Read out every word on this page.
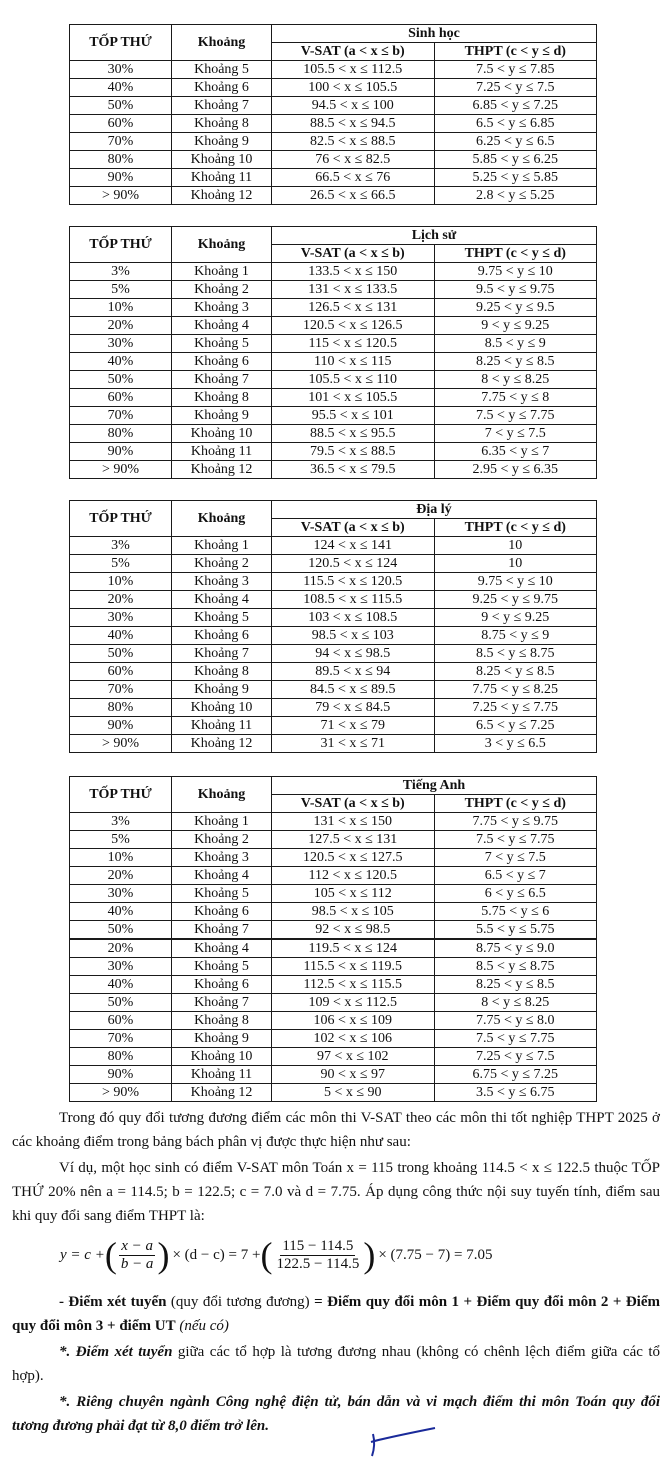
TỐP THỨ	Khoảng	Sinh học	
		V-SAT (a < x ≤ b)	THPT (c < y ≤ d)
30%	Khoảng 5	105.5 < x ≤ 112.5	7.5 < y ≤ 7.85
40%	Khoảng 6	100 < x ≤ 105.5	7.25 < y ≤ 7.5
50%	Khoảng 7	94.5 < x ≤ 100	6.85 < y ≤ 7.25
60%	Khoảng 8	88.5 < x ≤ 94.5	6.5 < y ≤ 6.85
70%	Khoảng 9	82.5 < x ≤ 88.5	6.25 < y ≤ 6.5
80%	Khoảng 10	76 < x ≤ 82.5	5.85 < y ≤ 6.25
90%	Khoảng 11	66.5 < x ≤ 76	5.25 < y ≤ 5.85
> 90%	Khoảng 12	26.5 < x ≤ 66.5	2.8 < y ≤ 5.25
TỐP THỨ	Khoảng	Lịch sử	
		V-SAT (a < x ≤ b)	THPT (c < y ≤ d)
3%	Khoảng 1	133.5 < x ≤ 150	9.75 < y ≤ 10
5%	Khoảng 2	131 < x ≤ 133.5	9.5 < y ≤ 9.75
10%	Khoảng 3	126.5 < x ≤ 131	9.25 < y ≤ 9.5
20%	Khoảng 4	120.5 < x ≤ 126.5	9 < y ≤ 9.25
30%	Khoảng 5	115 < x ≤ 120.5	8.5 < y ≤ 9
40%	Khoảng 6	110 < x ≤ 115	8.25 < y ≤ 8.5
50%	Khoảng 7	105.5 < x ≤ 110	8 < y ≤ 8.25
60%	Khoảng 8	101 < x ≤ 105.5	7.75 < y ≤ 8
70%	Khoảng 9	95.5 < x ≤ 101	7.5 < y ≤ 7.75
80%	Khoảng 10	88.5 < x ≤ 95.5	7 < y ≤ 7.5
90%	Khoảng 11	79.5 < x ≤ 88.5	6.35 < y ≤ 7
> 90%	Khoảng 12	36.5 < x ≤ 79.5	2.95 < y ≤ 6.35
TỐP THỨ	Khoảng	Địa lý	
		V-SAT (a < x ≤ b)	THPT (c < y ≤ d)
3%	Khoảng 1	124 < x ≤ 141	10
5%	Khoảng 2	120.5 < x ≤ 124	10
10%	Khoảng 3	115.5 < x ≤ 120.5	9.75 < y ≤ 10
20%	Khoảng 4	108.5 < x ≤ 115.5	9.25 < y ≤ 9.75
30%	Khoảng 5	103 < x ≤ 108.5	9 < y ≤ 9.25
40%	Khoảng 6	98.5 < x ≤ 103	8.75 < y ≤ 9
50%	Khoảng 7	94 < x ≤ 98.5	8.5 < y ≤ 8.75
60%	Khoảng 8	89.5 < x ≤ 94	8.25 < y ≤ 8.5
70%	Khoảng 9	84.5 < x ≤ 89.5	7.75 < y ≤ 8.25
80%	Khoảng 10	79 < x ≤ 84.5	7.25 < y ≤ 7.75
90%	Khoảng 11	71 < x ≤ 79	6.5 < y ≤ 7.25
> 90%	Khoảng 12	31 < x ≤ 71	3 < y ≤ 6.5
TỐP THỨ	Khoảng	Tiếng Anh	
		V-SAT (a < x ≤ b)	THPT (c < y ≤ d)
3%	Khoảng 1	131 < x ≤ 150	7.75 < y ≤ 9.75
5%	Khoảng 2	127.5 < x ≤ 131	7.5 < y ≤ 7.75
10%	Khoảng 3	120.5 < x ≤ 127.5	7 < y ≤ 7.5
20%	Khoảng 4	112 < x ≤ 120.5	6.5 < y ≤ 7
30%	Khoảng 5	105 < x ≤ 112	6 < y ≤ 6.5
40%	Khoảng 6	98.5 < x ≤ 105	5.75 < y ≤ 6
50%	Khoảng 7	92 < x ≤ 98.5	5.5 < y ≤ 5.75
20%	Khoảng 4	119.5 < x ≤ 124	8.75 < y ≤ 9.0
30%	Khoảng 5	115.5 < x ≤ 119.5	8.5 < y ≤ 8.75
40%	Khoảng 6	112.5 < x ≤ 115.5	8.25 < y ≤ 8.5
50%	Khoảng 7	109 < x ≤ 112.5	8 < y ≤ 8.25
60%	Khoảng 8	106 < x ≤ 109	7.75 < y ≤ 8.0
70%	Khoảng 9	102 < x ≤ 106	7.5 < y ≤ 7.75
80%	Khoảng 10	97 < x ≤ 102	7.25 < y ≤ 7.5
90%	Khoảng 11	90 < x ≤ 97	6.75 < y ≤ 7.25
> 90%	Khoảng 12	5 < x ≤ 90	3.5 < y ≤ 6.75
Trong đó quy đổi tương đương điểm các môn thi V-SAT theo các môn thi tốt nghiệp THPT 2025 ở các khoảng điểm trong bảng bách phân vị được thực hiện như sau:
Ví dụ, một học sinh có điểm V-SAT môn Toán x = 115 trong khoảng 114.5 < x ≤ 122.5 thuộc TỐP THỨ 20% nên a = 114.5; b = 122.5; c = 7.0 và d = 7.75. Áp dụng công thức nội suy tuyến tính, điểm sau khi quy đổi sang điểm THPT là:
y = c + ( $\frac{x - a}{b - a}$ ) × (d − c) = 7 + ( $\frac{115 - 114.5}{122.5 - 114.5}$ ) × (7.75 − 7) = 7.05
- Điểm xét tuyển (quy đổi tương đương) = Điểm quy đổi môn 1 + Điểm quy đổi môn 2 + Điểm quy đổi môn 3 + điểm UT (nếu có)
*. Điểm xét tuyển giữa các tổ hợp là tương đương nhau (không có chênh lệch điểm giữa các tổ hợp).
*. Riêng chuyên ngành Công nghệ điện tử, bán dẫn và vi mạch điểm thi môn Toán quy đổi tương đương phải đạt từ 8,0 điểm trở lên.
